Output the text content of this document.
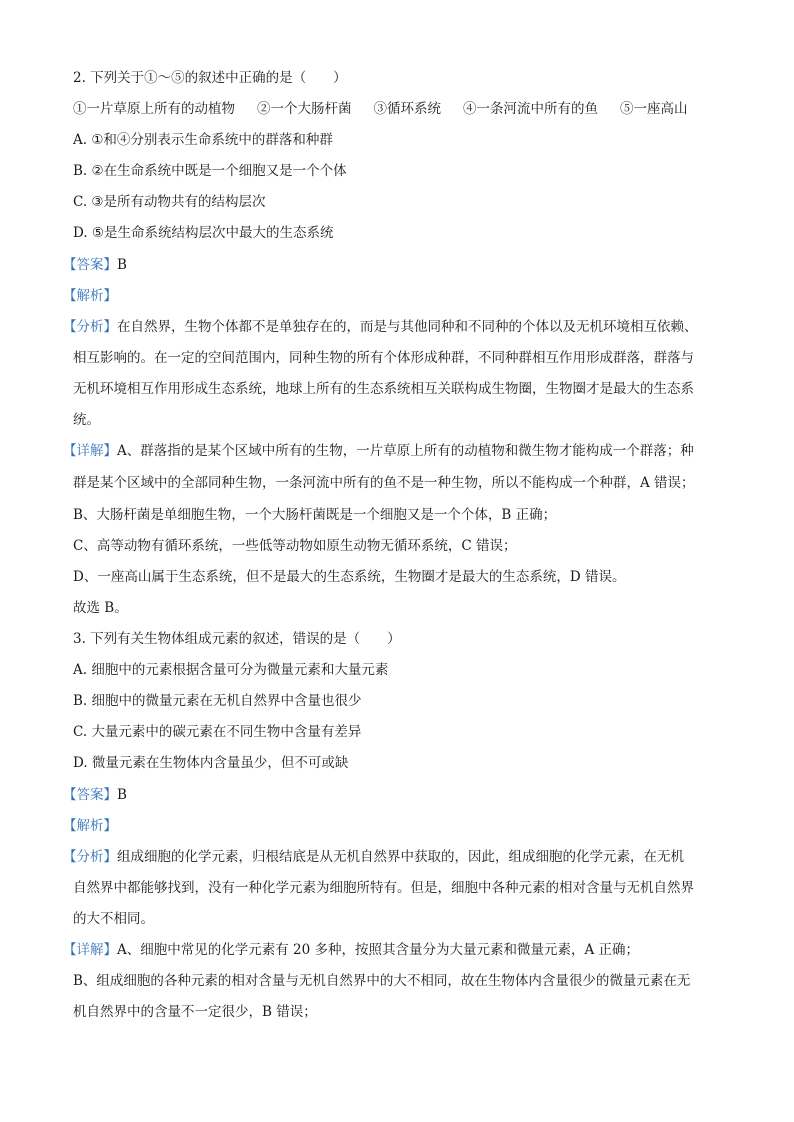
2. 下列关于①～⑤的叙述中正确的是（　　）
①一片草原上所有的动植物 ②一个大肠杆菌 ③循环系统 ④一条河流中所有的鱼 ⑤一座高山
A. ①和④分别表示生命系统中的群落和种群
B. ②在生命系统中既是一个细胞又是一个个体
C. ③是所有动物共有的结构层次
D. ⑤是生命系统结构层次中最大的生态系统
【答案】B
【解析】
【分析】在自然界，生物个体都不是单独存在的，而是与其他同种和不同种的个体以及无机环境相互依赖、
相互影响的。在一定的空间范围内，同种生物的所有个体形成种群，不同种群相互作用形成群落，群落与
无机环境相互作用形成生态系统，地球上所有的生态系统相互关联构成生物圈，生物圈才是最大的生态系
统。
【详解】A、群落指的是某个区域中所有的生物，一片草原上所有的动植物和微生物才能构成一个群落；种
群是某个区域中的全部同种生物，一条河流中所有的鱼不是一种生物，所以不能构成一个种群，A 错误；
B、大肠杆菌是单细胞生物，一个大肠杆菌既是一个细胞又是一个个体，B 正确；
C、高等动物有循环系统，一些低等动物如原生动物无循环系统，C 错误；
D、一座高山属于生态系统，但不是最大的生态系统，生物圈才是最大的生态系统，D 错误。
故选 B。
3. 下列有关生物体组成元素的叙述，错误的是（　　）
A. 细胞中的元素根据含量可分为微量元素和大量元素
B. 细胞中的微量元素在无机自然界中含量也很少
C. 大量元素中的碳元素在不同生物中含量有差异
D. 微量元素在生物体内含量虽少，但不可或缺
【答案】B
【解析】
【分析】组成细胞的化学元素，归根结底是从无机自然界中获取的，因此，组成细胞的化学元素，在无机
自然界中都能够找到，没有一种化学元素为细胞所特有。但是，细胞中各种元素的相对含量与无机自然界
的大不相同。
【详解】A、细胞中常见的化学元素有 20 多种，按照其含量分为大量元素和微量元素，A 正确；
B、组成细胞的各种元素的相对含量与无机自然界中的大不相同，故在生物体内含量很少的微量元素在无
机自然界中的含量不一定很少，B 错误；
